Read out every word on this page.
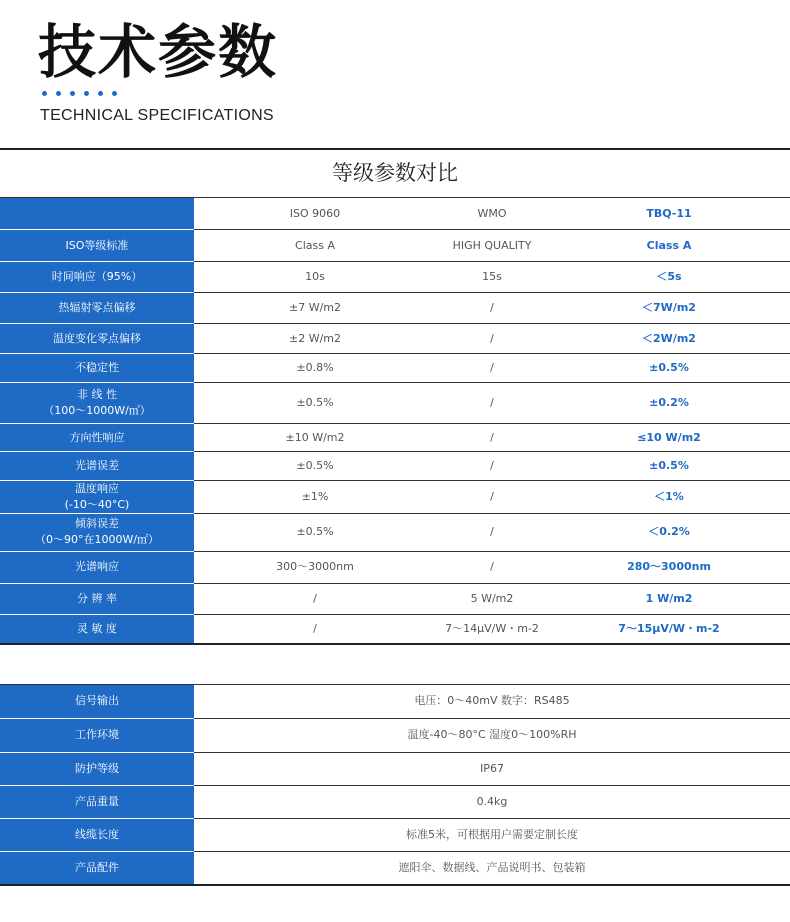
技术参数
TECHNICAL SPECIFICATIONS
等级参数对比
	ISO 9060	WMO	TBQ-11
ISO等级标准	Class A	HIGH QUALITY	Class A
时间响应（95%）	10s	15s	＜5s
热辐射零点偏移	±7 W/m2	/	＜7W/m2
温度变化零点偏移	±2 W/m2	/	＜2W/m2
不稳定性	±0.8%	/	±0.5%
非 线 性
（100～1000W/㎡）	±0.5%	/	±0.2%
方向性响应	±10 W/m2	/	≤10 W/m2
光谱误差	±0.5%	/	±0.5%
温度响应
(-10～40°C)	±1%	/	＜1%
倾斜误差
（0～90°在1000W/㎡）	±0.5%	/	＜0.2%
光谱响应	300～3000nm	/	280～3000nm
分 辨 率	/	5 W/m2	1 W/m2
灵 敏 度	/	7～14μV/W・m-2	7～15μV/W・m-2
信号输出	电压：0～40mV 数字：RS485
工作环境	温度-40～80°C 湿度0～100%RH
防护等级	IP67
产品重量	0.4kg
线缆长度	标准5米，可根据用户需要定制长度
产品配件	遮阳伞、数据线、产品说明书、包装箱
